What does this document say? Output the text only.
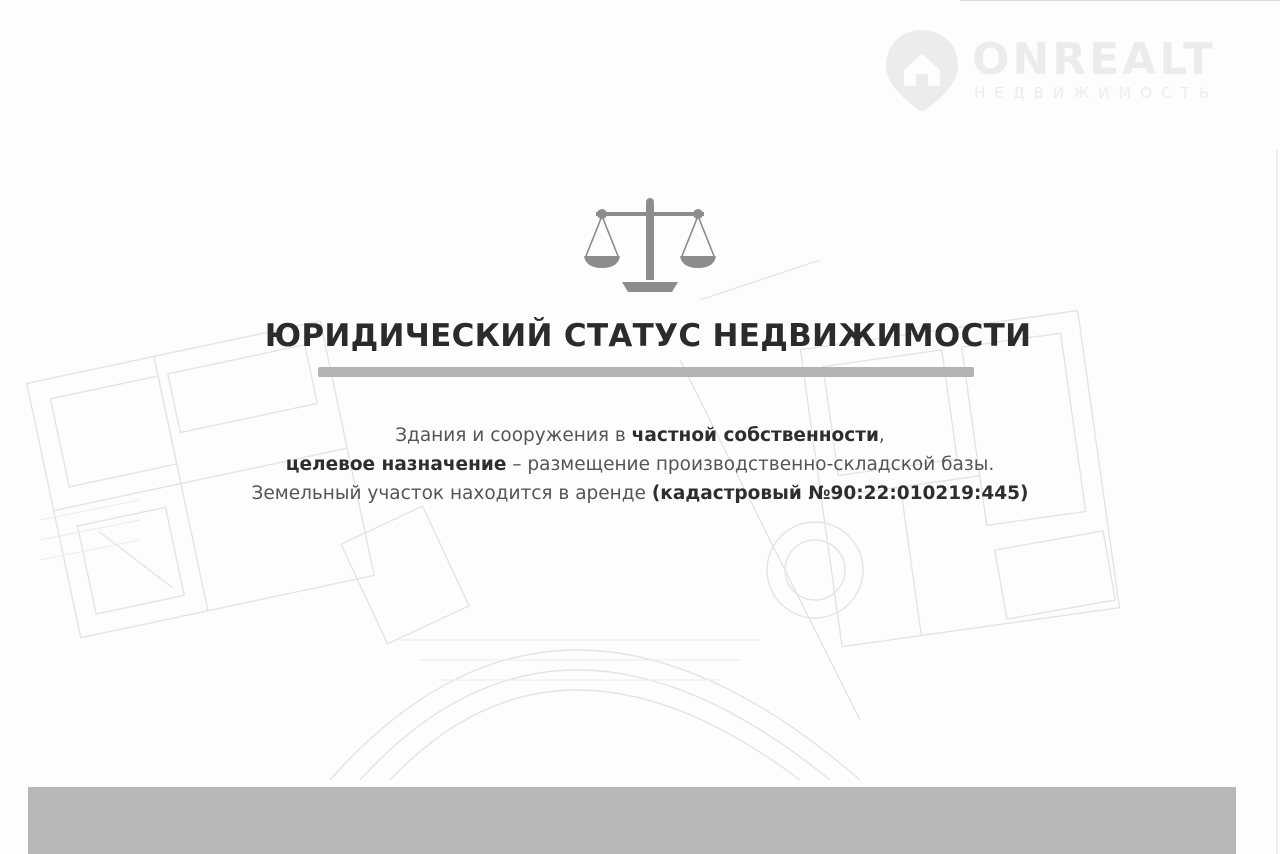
ONREALT
НЕДВИЖИМОСТЬ
ЮРИДИЧЕСКИЙ СТАТУС НЕДВИЖИМОСТИ
Здания и сооружения в частной собственности,
целевое назначение – размещение производственно-складской базы.
Земельный участок находится в аренде (кадастровый №90:22:010219:445)
